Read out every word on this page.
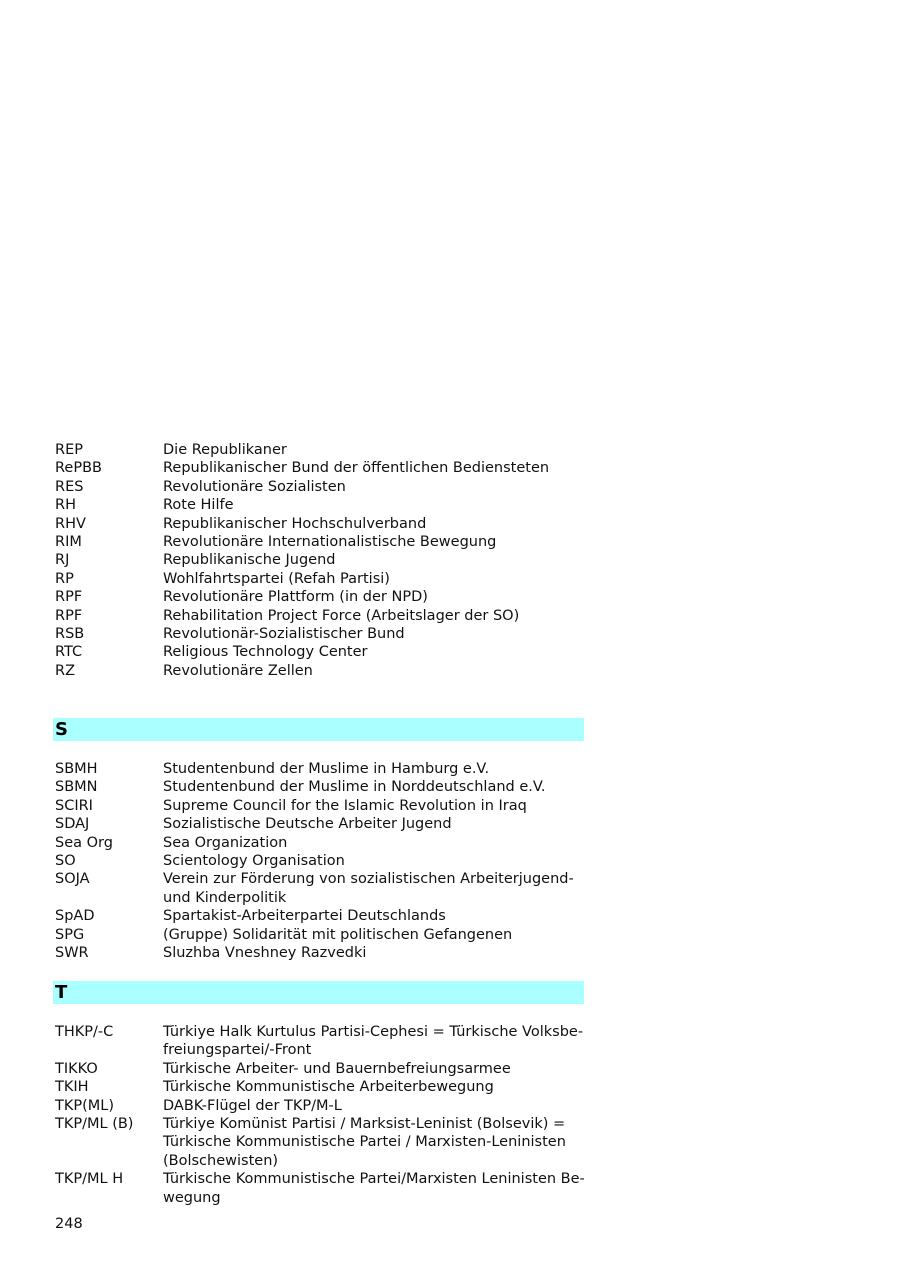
REP	Die Republikaner
RePBB	Republikanischer Bund der öffentlichen Bediensteten
RES	Revolutionäre Sozialisten
RH	Rote Hilfe
RHV	Republikanischer Hochschulverband
RIM	Revolutionäre Internationalistische Bewegung
RJ	Republikanische Jugend
RP	Wohlfahrtspartei (Refah Partisi)
RPF	Revolutionäre Plattform (in der NPD)
RPF	Rehabilitation Project Force (Arbeitslager der SO)
RSB	Revolutionär-Sozialistischer Bund
RTC	Religious Technology Center
RZ	Revolutionäre Zellen
S
SBMH	Studentenbund der Muslime in Hamburg e.V.
SBMN	Studentenbund der Muslime in Norddeutschland e.V.
SCIRI	Supreme Council for the Islamic Revolution in Iraq
SDAJ	Sozialistische Deutsche Arbeiter Jugend
Sea Org	Sea Organization
SO	Scientology Organisation
SOJA	Verein zur Förderung von sozialistischen Arbeiterjugend-
und Kinderpolitik
SpAD	Spartakist-Arbeiterpartei Deutschlands
SPG	(Gruppe) Solidarität mit politischen Gefangenen
SWR	Sluzhba Vneshney Razvedki
T
THKP/-C	Türkiye Halk Kurtulus Partisi-Cephesi = Türkische Volksbe-
freiungspartei/-Front
TIKKO	Türkische Arbeiter- und Bauernbefreiungsarmee
TKIH	Türkische Kommunistische Arbeiterbewegung
TKP(ML)	DABK-Flügel der TKP/M-L
TKP/ML (B)	Türkiye Komünist Partisi / Marksist-Leninist (Bolsevik) =
Türkische Kommunistische Partei / Marxisten-Leninisten
(Bolschewisten)
TKP/ML H	Türkische Kommunistische Partei/Marxisten Leninisten Be-
wegung
248
